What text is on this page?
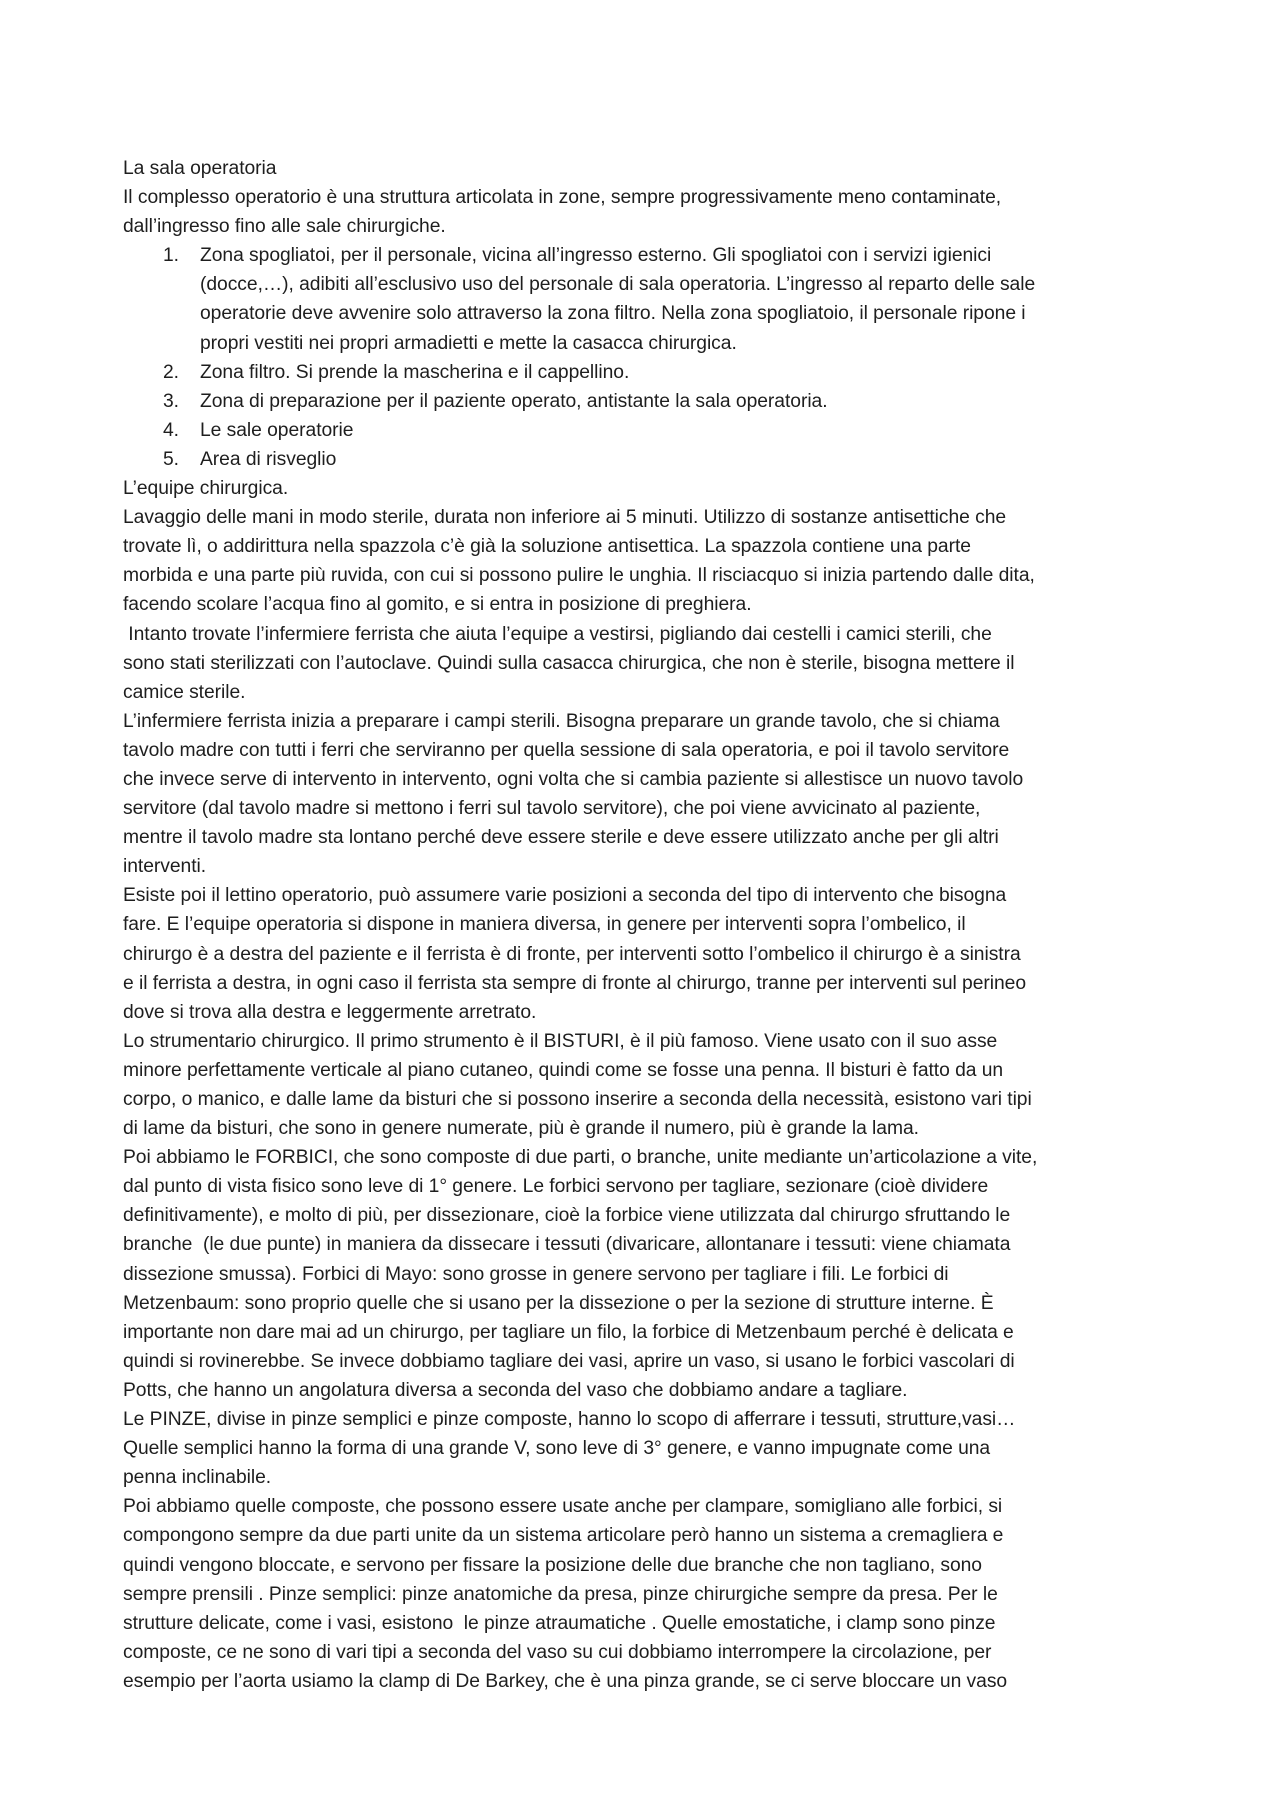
La sala operatoria
Il complesso operatorio è una struttura articolata in zone, sempre progressivamente meno contaminate,
dall’ingresso fino alle sale chirurgiche.
1. Zona spogliatoi, per il personale, vicina all’ingresso esterno. Gli spogliatoi con i servizi igienici
(docce,…), adibiti all’esclusivo uso del personale di sala operatoria. L’ingresso al reparto delle sale
operatorie deve avvenire solo attraverso la zona filtro. Nella zona spogliatoio, il personale ripone i
propri vestiti nei propri armadietti e mette la casacca chirurgica.
2. Zona filtro. Si prende la mascherina e il cappellino.
3. Zona di preparazione per il paziente operato, antistante la sala operatoria.
4. Le sale operatorie
5. Area di risveglio
L’equipe chirurgica.
Lavaggio delle mani in modo sterile, durata non inferiore ai 5 minuti. Utilizzo di sostanze antisettiche che
trovate lì, o addirittura nella spazzola c’è già la soluzione antisettica. La spazzola contiene una parte
morbida e una parte più ruvida, con cui si possono pulire le unghia. Il risciacquo si inizia partendo dalle dita,
facendo scolare l’acqua fino al gomito, e si entra in posizione di preghiera.
Intanto trovate l’infermiere ferrista che aiuta l’equipe a vestirsi, pigliando dai cestelli i camici sterili, che
sono stati sterilizzati con l’autoclave. Quindi sulla casacca chirurgica, che non è sterile, bisogna mettere il
camice sterile.
L’infermiere ferrista inizia a preparare i campi sterili. Bisogna preparare un grande tavolo, che si chiama
tavolo madre con tutti i ferri che serviranno per quella sessione di sala operatoria, e poi il tavolo servitore
che invece serve di intervento in intervento, ogni volta che si cambia paziente si allestisce un nuovo tavolo
servitore (dal tavolo madre si mettono i ferri sul tavolo servitore), che poi viene avvicinato al paziente,
mentre il tavolo madre sta lontano perché deve essere sterile e deve essere utilizzato anche per gli altri
interventi.
Esiste poi il lettino operatorio, può assumere varie posizioni a seconda del tipo di intervento che bisogna
fare. E l’equipe operatoria si dispone in maniera diversa, in genere per interventi sopra l’ombelico, il
chirurgo è a destra del paziente e il ferrista è di fronte, per interventi sotto l’ombelico il chirurgo è a sinistra
e il ferrista a destra, in ogni caso il ferrista sta sempre di fronte al chirurgo, tranne per interventi sul perineo
dove si trova alla destra e leggermente arretrato.
Lo strumentario chirurgico. Il primo strumento è il BISTURI, è il più famoso. Viene usato con il suo asse
minore perfettamente verticale al piano cutaneo, quindi come se fosse una penna. Il bisturi è fatto da un
corpo, o manico, e dalle lame da bisturi che si possono inserire a seconda della necessità, esistono vari tipi
di lame da bisturi, che sono in genere numerate, più è grande il numero, più è grande la lama.
Poi abbiamo le FORBICI, che sono composte di due parti, o branche, unite mediante un’articolazione a vite,
dal punto di vista fisico sono leve di 1° genere. Le forbici servono per tagliare, sezionare (cioè dividere
definitivamente), e molto di più, per dissezionare, cioè la forbice viene utilizzata dal chirurgo sfruttando le
branche  (le due punte) in maniera da dissecare i tessuti (divaricare, allontanare i tessuti: viene chiamata
dissezione smussa). Forbici di Mayo: sono grosse in genere servono per tagliare i fili. Le forbici di
Metzenbaum: sono proprio quelle che si usano per la dissezione o per la sezione di strutture interne. È
importante non dare mai ad un chirurgo, per tagliare un filo, la forbice di Metzenbaum perché è delicata e
quindi si rovinerebbe. Se invece dobbiamo tagliare dei vasi, aprire un vaso, si usano le forbici vascolari di
Potts, che hanno un angolatura diversa a seconda del vaso che dobbiamo andare a tagliare.
Le PINZE, divise in pinze semplici e pinze composte, hanno lo scopo di afferrare i tessuti, strutture,vasi…
Quelle semplici hanno la forma di una grande V, sono leve di 3° genere, e vanno impugnate come una
penna inclinabile.
Poi abbiamo quelle composte, che possono essere usate anche per clampare, somigliano alle forbici, si
compongono sempre da due parti unite da un sistema articolare però hanno un sistema a cremagliera e
quindi vengono bloccate, e servono per fissare la posizione delle due branche che non tagliano, sono
sempre prensili . Pinze semplici: pinze anatomiche da presa, pinze chirurgiche sempre da presa. Per le
strutture delicate, come i vasi, esistono  le pinze atraumatiche . Quelle emostatiche, i clamp sono pinze
composte, ce ne sono di vari tipi a seconda del vaso su cui dobbiamo interrompere la circolazione, per
esempio per l’aorta usiamo la clamp di De Barkey, che è una pinza grande, se ci serve bloccare un vaso
